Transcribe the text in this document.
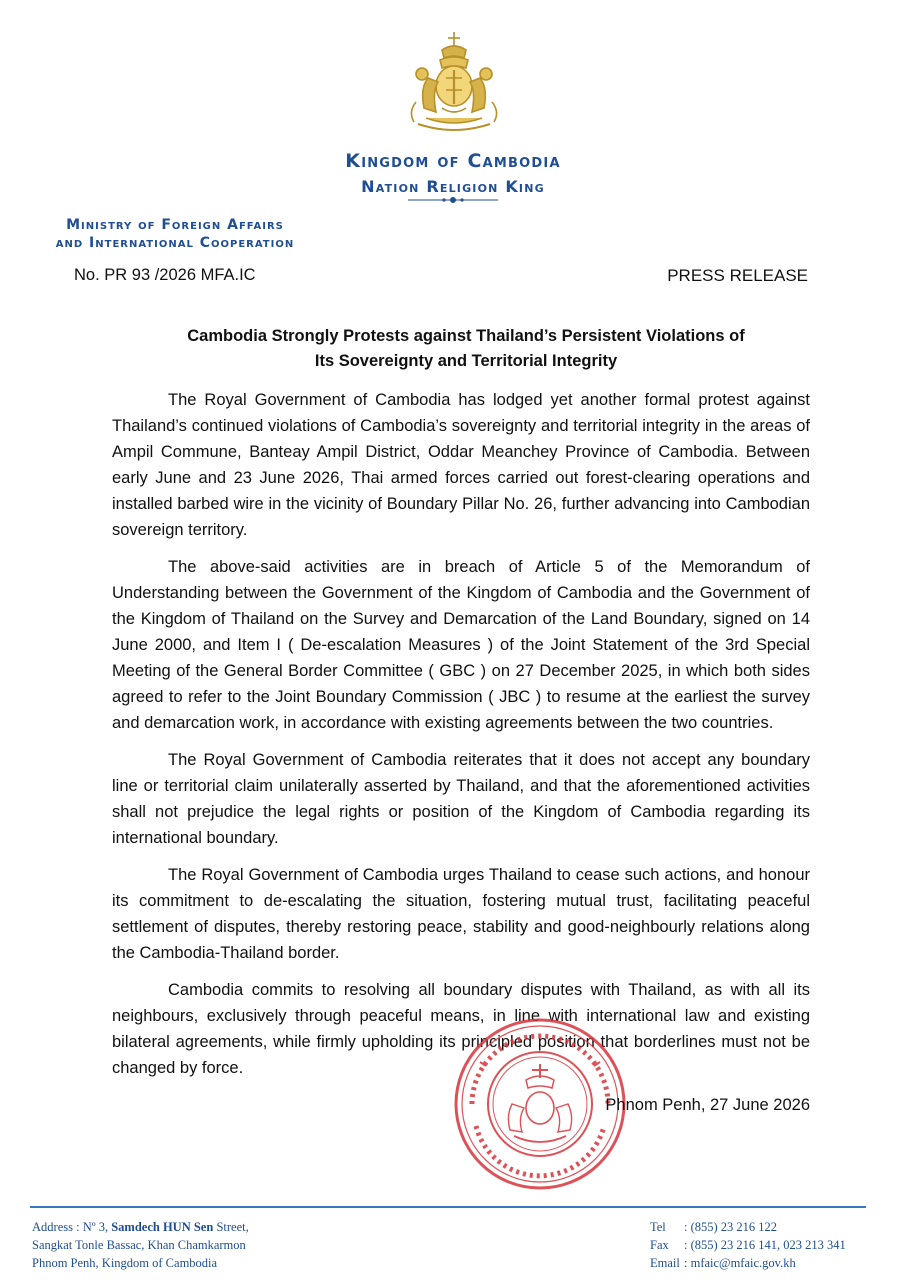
Kingdom of Cambodia
Nation Religion King
Ministry of Foreign Affairs
and International Cooperation
No. PR 93 /2026 MFA.IC	PRESS RELEASE
Cambodia Strongly Protests against Thailand’s Persistent Violations of
Its Sovereignty and Territorial Integrity

The Royal Government of Cambodia has lodged yet another formal protest against Thailand’s continued violations of Cambodia’s sovereignty and territorial integrity in the areas of Ampil Commune, Banteay Ampil District, Oddar Meanchey Province of Cambodia. Between early June and 23 June 2026, Thai armed forces carried out forest-clearing operations and installed barbed wire in the vicinity of Boundary Pillar No. 26, further advancing into Cambodian sovereign territory.

The above-said activities are in breach of Article 5 of the Memorandum of Understanding between the Government of the Kingdom of Cambodia and the Government of the Kingdom of Thailand on the Survey and Demarcation of the Land Boundary, signed on 14 June 2000, and Item I ( De-escalation Measures ) of the Joint Statement of the 3rd Special Meeting of the General Border Committee ( GBC ) on 27 December 2025, in which both sides agreed to refer to the Joint Boundary Commission ( JBC ) to resume at the earliest the survey and demarcation work, in accordance with existing agreements between the two countries.

The Royal Government of Cambodia reiterates that it does not accept any boundary line or territorial claim unilaterally asserted by Thailand, and that the aforementioned activities shall not prejudice the legal rights or position of the Kingdom of Cambodia regarding its international boundary.

The Royal Government of Cambodia urges Thailand to cease such actions, and honour its commitment to de-escalating the situation, fostering mutual trust, facilitating peaceful settlement of disputes, thereby restoring peace, stability and good-neighbourly relations along the Cambodia-Thailand border.

Cambodia commits to resolving all boundary disputes with Thailand, as with all its neighbours, exclusively through peaceful means, in line with international law and existing bilateral agreements, while firmly upholding its principled position that borderlines must not be changed by force.

Phnom Penh, 27 June 2026
Address : Nº 3, Samdech HUN Sen Street,
Sangkat Tonle Bassac, Khan Chamkarmon
Phnom Penh, Kingdom of Cambodia
Tel : (855) 23 216 122
Fax : (855) 23 216 141, 023 213 341
Email : mfaic@mfaic.gov.kh
